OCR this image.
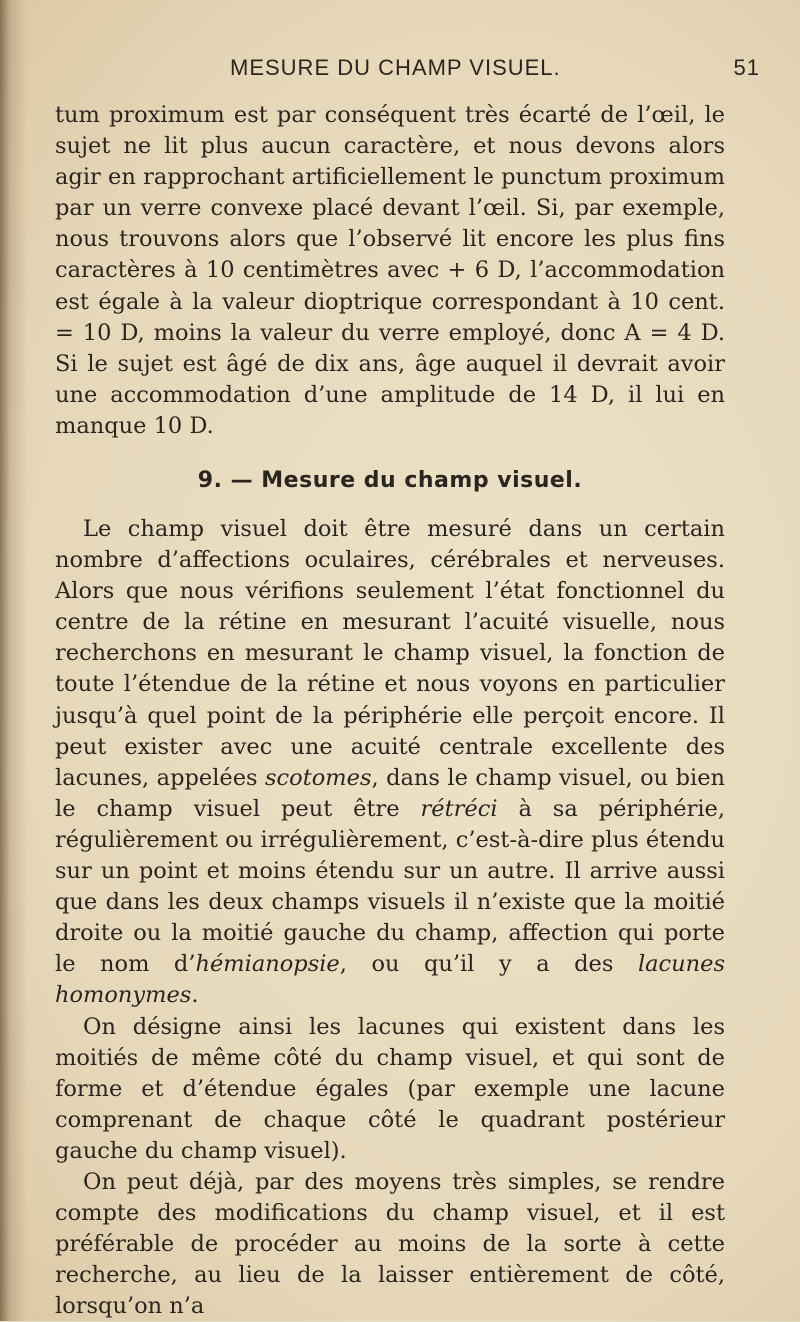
MESURE DU CHAMP VISUEL.	51

tum proximum est par conséquent très écarté de l’œil, le sujet ne lit plus aucun caractère, et nous devons alors agir en rapprochant artificiellement le punctum proximum par un verre convexe placé devant l’œil. Si, par exemple, nous trouvons alors que l’observé lit encore les plus fins caractères à 10 centimètres avec + 6 D, l’accommodation est égale à la valeur dioptrique correspondant à 10 cent. = 10 D, moins la valeur du verre employé, donc A = 4 D. Si le sujet est âgé de dix ans, âge auquel il devrait avoir une accommodation d’une amplitude de 14 D, il lui en manque 10 D.

9. — Mesure du champ visuel.

Le champ visuel doit être mesuré dans un certain nombre d’affections oculaires, cérébrales et nerveuses. Alors que nous vérifions seulement l’état fonctionnel du centre de la rétine en mesurant l’acuité visuelle, nous recherchons en mesurant le champ visuel, la fonction de toute l’étendue de la rétine et nous voyons en particulier jusqu’à quel point de la périphérie elle perçoit encore. Il peut exister avec une acuité centrale excellente des lacunes, appelées scotomes, dans le champ visuel, ou bien le champ visuel peut être rétréci à sa périphérie, régulièrement ou irrégulièrement, c’est-à-dire plus étendu sur un point et moins étendu sur un autre. Il arrive aussi que dans les deux champs visuels il n’existe que la moitié droite ou la moitié gauche du champ, affection qui porte le nom d’hémianopsie, ou qu’il y a des lacunes homonymes.

On désigne ainsi les lacunes qui existent dans les moitiés de même côté du champ visuel, et qui sont de forme et d’étendue égales (par exemple une lacune comprenant de chaque côté le quadrant postérieur gauche du champ visuel).

On peut déjà, par des moyens très simples, se rendre compte des modifications du champ visuel, et il est préférable de procéder au moins de la sorte à cette recherche, au lieu de la laisser entièrement de côté, lorsqu’on n’a
